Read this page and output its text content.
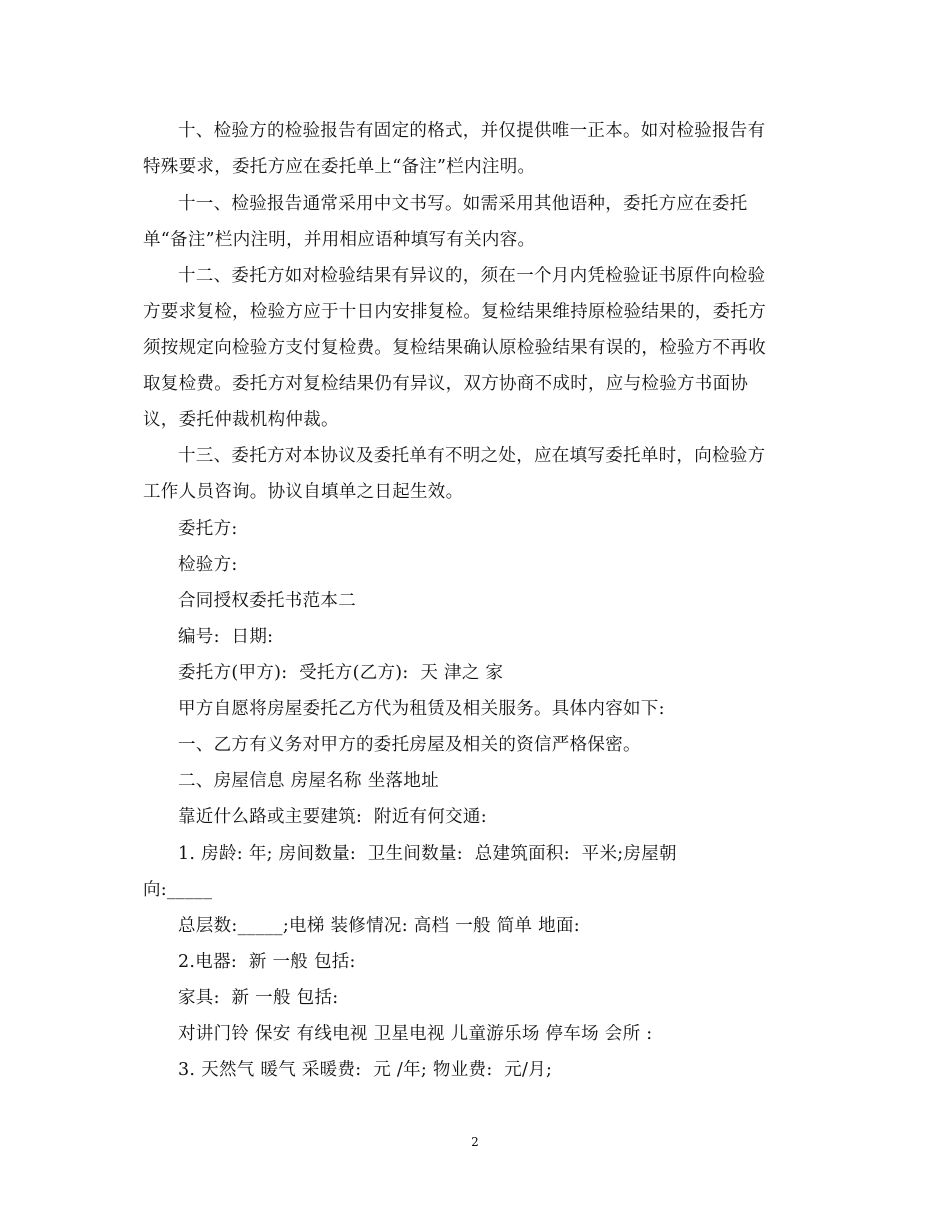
十、检验方的检验报告有固定的格式，并仅提供唯一正本。如对检验报告有
特殊要求，委托方应在委托单上“备注”栏内注明。
十一、检验报告通常采用中文书写。如需采用其他语种，委托方应在委托
单“备注”栏内注明，并用相应语种填写有关内容。
十二、委托方如对检验结果有异议的，须在一个月内凭检验证书原件向检验
方要求复检，检验方应于十日内安排复检。复检结果维持原检验结果的，委托方
须按规定向检验方支付复检费。复检结果确认原检验结果有误的，检验方不再收
取复检费。委托方对复检结果仍有异议，双方协商不成时，应与检验方书面协
议，委托仲裁机构仲裁。
十三、委托方对本协议及委托单有不明之处，应在填写委托单时，向检验方
工作人员咨询。协议自填单之日起生效。
委托方:
检验方:
合同授权委托书范本二
编号:  日期:
委托方(甲方):  受托方(乙方):  天 津之 家
甲方自愿将房屋委托乙方代为租赁及相关服务。具体内容如下:
一、乙方有义务对甲方的委托房屋及相关的资信严格保密。
二、房屋信息 房屋名称 坐落地址
靠近什么路或主要建筑:  附近有何交通:
1. 房龄: 年; 房间数量:  卫生间数量:  总建筑面积:  平米;房屋朝
向:_____
总层数:_____;电梯 装修情况: 高档 一般 简单 地面:
2.电器:  新 一般 包括:
家具:  新 一般 包括:
对讲门铃 保安 有线电视 卫星电视 儿童游乐场 停车场 会所 :
3. 天然气 暖气 采暖费:  元 /年; 物业费:  元/月;
2
